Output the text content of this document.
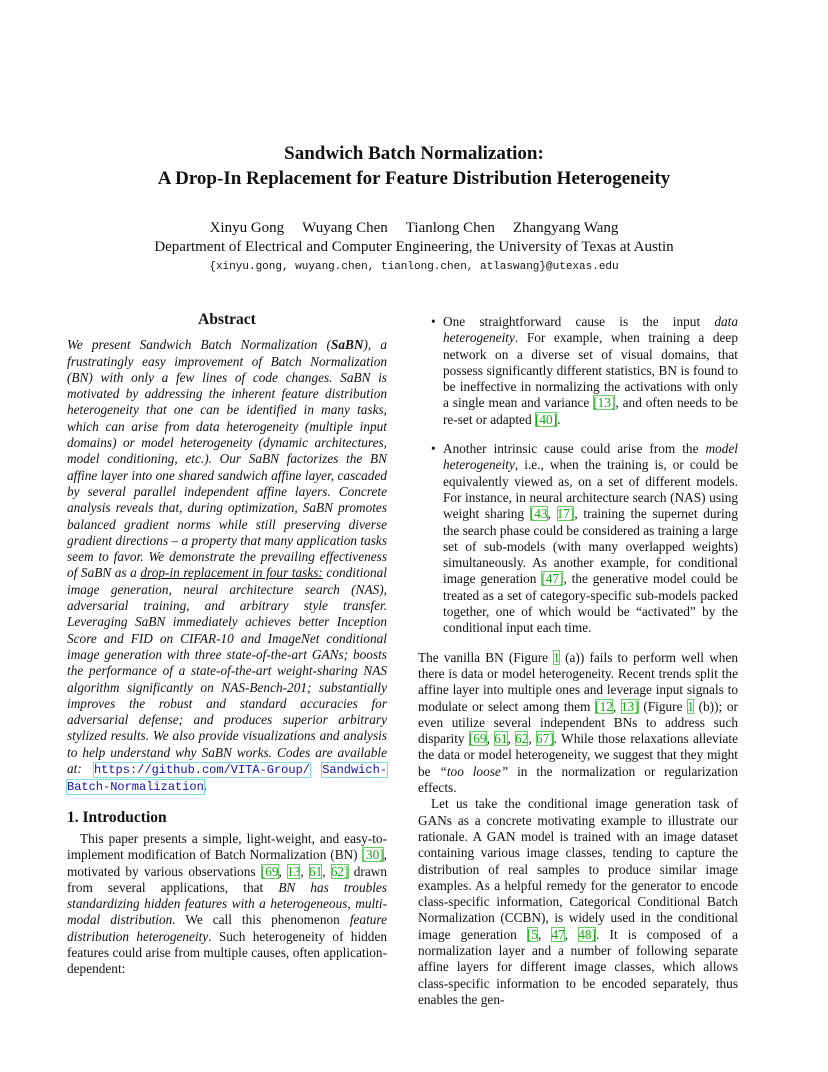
Sandwich Batch Normalization:
A Drop-In Replacement for Feature Distribution Heterogeneity
Xinyu Gong Wuyang Chen Tianlong Chen Zhangyang Wang
Department of Electrical and Computer Engineering, the University of Texas at Austin
{xinyu.gong, wuyang.chen, tianlong.chen, atlaswang}@utexas.edu
Abstract
We present Sandwich Batch Normalization (SaBN), a frustratingly easy improvement of Batch Normalization (BN) with only a few lines of code changes. SaBN is motivated by addressing the inherent feature distribution heterogeneity that one can be identified in many tasks, which can arise from data heterogeneity (multiple input domains) or model heterogeneity (dynamic architectures, model conditioning, etc.). Our SaBN factorizes the BN affine layer into one shared sandwich affine layer, cascaded by several parallel independent affine layers. Concrete analysis reveals that, during optimization, SaBN promotes balanced gradient norms while still preserving diverse gradient directions – a property that many application tasks seem to favor. We demonstrate the prevailing effectiveness of SaBN as a drop-in replacement in four tasks: conditional image generation, neural architecture search (NAS), adversarial training, and arbitrary style transfer. Leveraging SaBN immediately achieves better Inception Score and FID on CIFAR-10 and ImageNet conditional image generation with three state-of-the-art GANs; boosts the performance of a state-of-the-art weight-sharing NAS algorithm significantly on NAS-Bench-201; substantially improves the robust and standard accuracies for adversarial defense; and produces superior arbitrary stylized results. We also provide visualizations and analysis to help understand why SaBN works. Codes are available at: https://github.com/VITA-Group/ Sandwich-Batch-Normalization.
1. Introduction

This paper presents a simple, light-weight, and easy-to-implement modification of Batch Normalization (BN) [30], motivated by various observations [69, 13, 61, 62] drawn from several applications, that BN has troubles standardizing hidden features with a heterogeneous, multi-modal distribution. We call this phenomenon feature distribution heterogeneity. Such heterogeneity of hidden features could arise from multiple causes, often application-dependent:

• One straightforward cause is the input data heterogeneity. For example, when training a deep network on a diverse set of visual domains, that possess significantly different statistics, BN is found to be ineffective in normalizing the activations with only a single mean and variance [13], and often needs to be re-set or adapted [40].
• Another intrinsic cause could arise from the model heterogeneity, i.e., when the training is, or could be equivalently viewed as, on a set of different models. For instance, in neural architecture search (NAS) using weight sharing [43, 17], training the supernet during the search phase could be considered as training a large set of sub-models (with many overlapped weights) simultaneously. As another example, for conditional image generation [47], the generative model could be treated as a set of category-specific sub-models packed together, one of which would be “activated” by the conditional input each time.

The vanilla BN (Figure 1 (a)) fails to perform well when there is data or model heterogeneity. Recent trends split the affine layer into multiple ones and leverage input signals to modulate or select among them [12, 13] (Figure 1 (b)); or even utilize several independent BNs to address such disparity [69, 61, 62, 67]. While those relaxations alleviate the data or model heterogeneity, we suggest that they might be “too loose” in the normalization or regularization effects.

Let us take the conditional image generation task of GANs as a concrete motivating example to illustrate our rationale. A GAN model is trained with an image dataset containing various image classes, tending to capture the distribution of real samples to produce similar image examples. As a helpful remedy for the generator to encode class-specific information, Categorical Conditional Batch Normalization (CCBN), is widely used in the conditional image generation [5, 47, 48]. It is composed of a normalization layer and a number of following separate affine layers for different image classes, which allows class-specific information to be encoded separately, thus enables the gen-
